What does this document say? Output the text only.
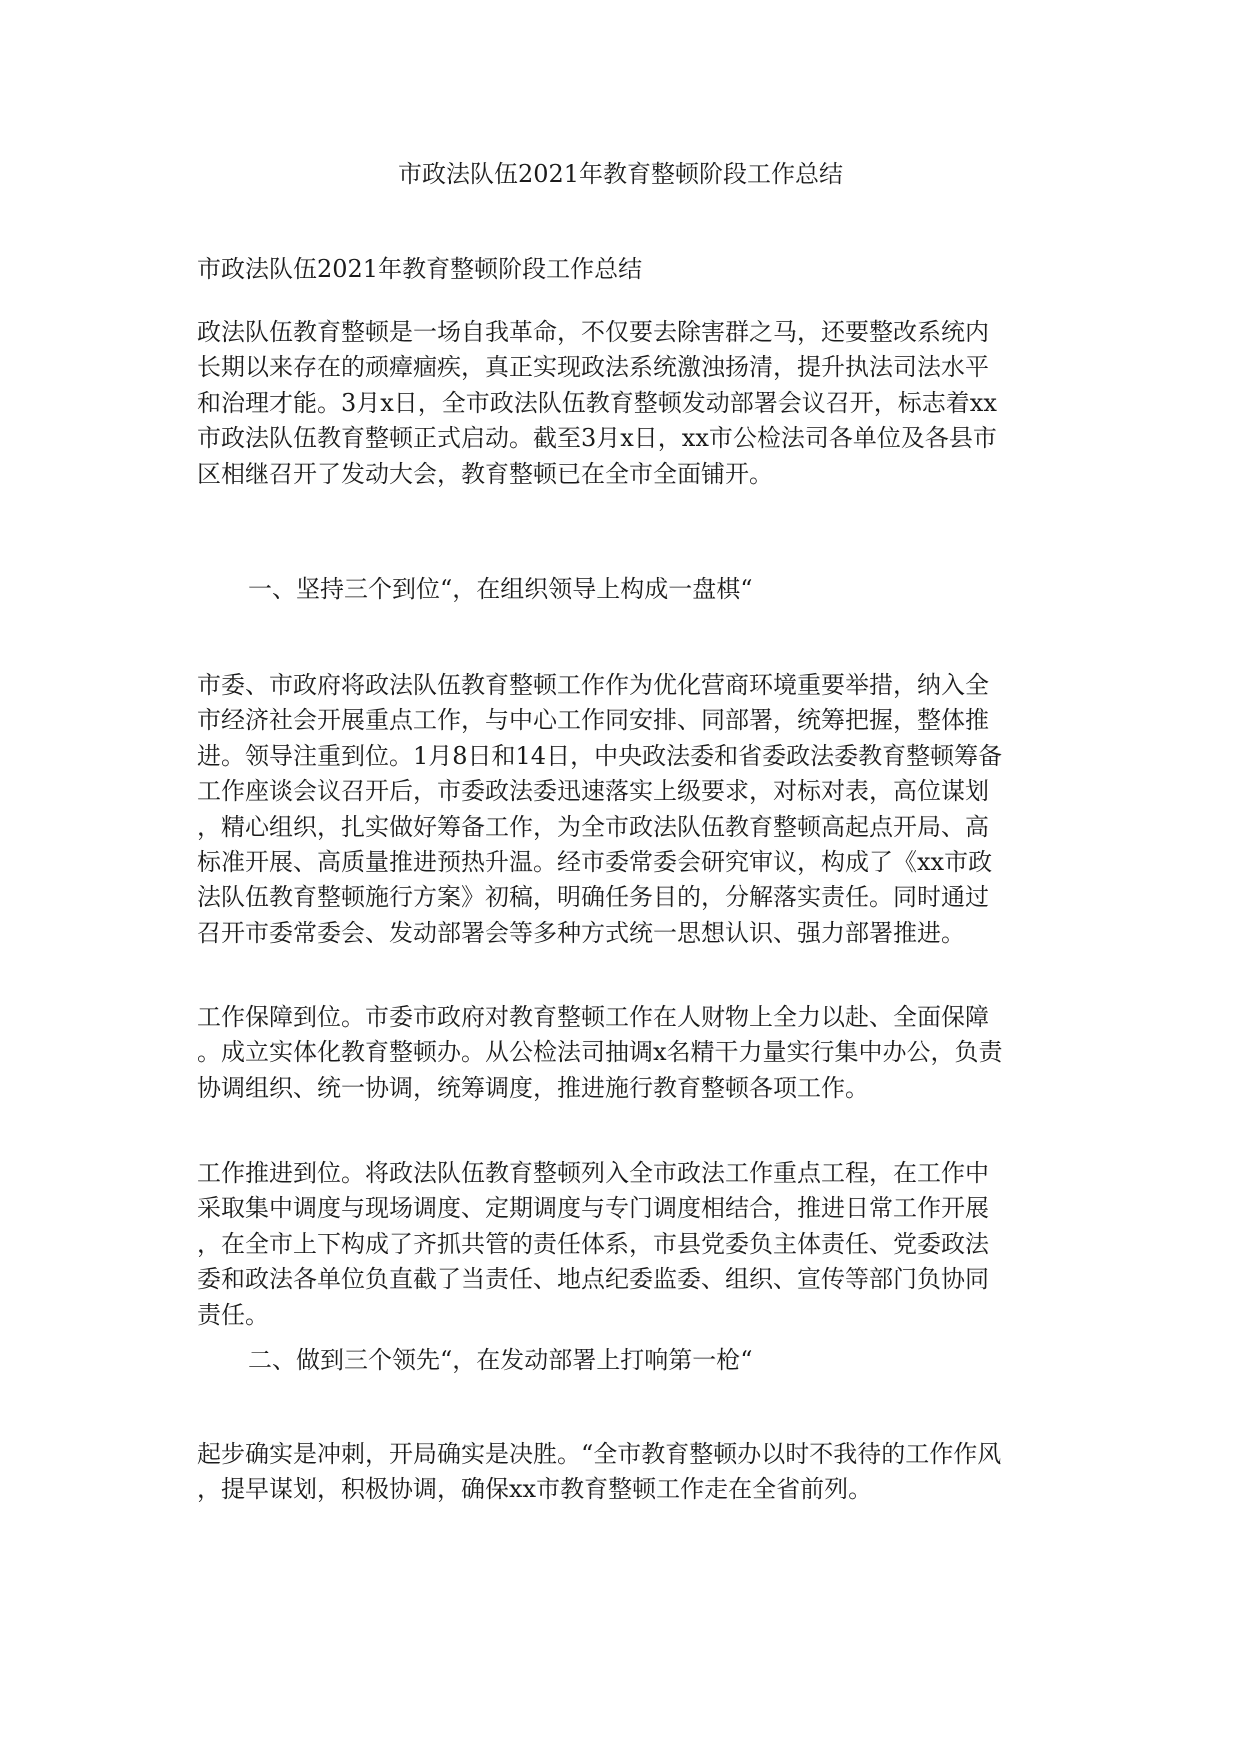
市政法队伍2021年教育整顿阶段工作总结
市政法队伍2021年教育整顿阶段工作总结
政法队伍教育整顿是一场自我革命，不仅要去除害群之马，还要整改系统内
长期以来存在的顽瘴痼疾，真正实现政法系统激浊扬清，提升执法司法水平
和治理才能。3月x日，全市政法队伍教育整顿发动部署会议召开，标志着xx
市政法队伍教育整顿正式启动。截至3月x日，xx市公检法司各单位及各县市
区相继召开了发动大会，教育整顿已在全市全面铺开。
一、坚持三个到位“，在组织领导上构成一盘棋“
市委、市政府将政法队伍教育整顿工作作为优化营商环境重要举措，纳入全
市经济社会开展重点工作，与中心工作同安排、同部署，统筹把握，整体推
进。领导注重到位。1月8日和14日，中央政法委和省委政法委教育整顿筹备
工作座谈会议召开后，市委政法委迅速落实上级要求，对标对表，高位谋划
，精心组织，扎实做好筹备工作，为全市政法队伍教育整顿高起点开局、高
标准开展、高质量推进预热升温。经市委常委会研究审议，构成了《xx市政
法队伍教育整顿施行方案》初稿，明确任务目的，分解落实责任。同时通过
召开市委常委会、发动部署会等多种方式统一思想认识、强力部署推进。
工作保障到位。市委市政府对教育整顿工作在人财物上全力以赴、全面保障
。成立实体化教育整顿办。从公检法司抽调x名精干力量实行集中办公，负责
协调组织、统一协调，统筹调度，推进施行教育整顿各项工作。
工作推进到位。将政法队伍教育整顿列入全市政法工作重点工程，在工作中
采取集中调度与现场调度、定期调度与专门调度相结合，推进日常工作开展
，在全市上下构成了齐抓共管的责任体系，市县党委负主体责任、党委政法
委和政法各单位负直截了当责任、地点纪委监委、组织、宣传等部门负协同
责任。
二、做到三个领先“，在发动部署上打响第一枪“
起步确实是冲刺，开局确实是决胜。“全市教育整顿办以时不我待的工作作风
，提早谋划，积极协调，确保xx市教育整顿工作走在全省前列。
